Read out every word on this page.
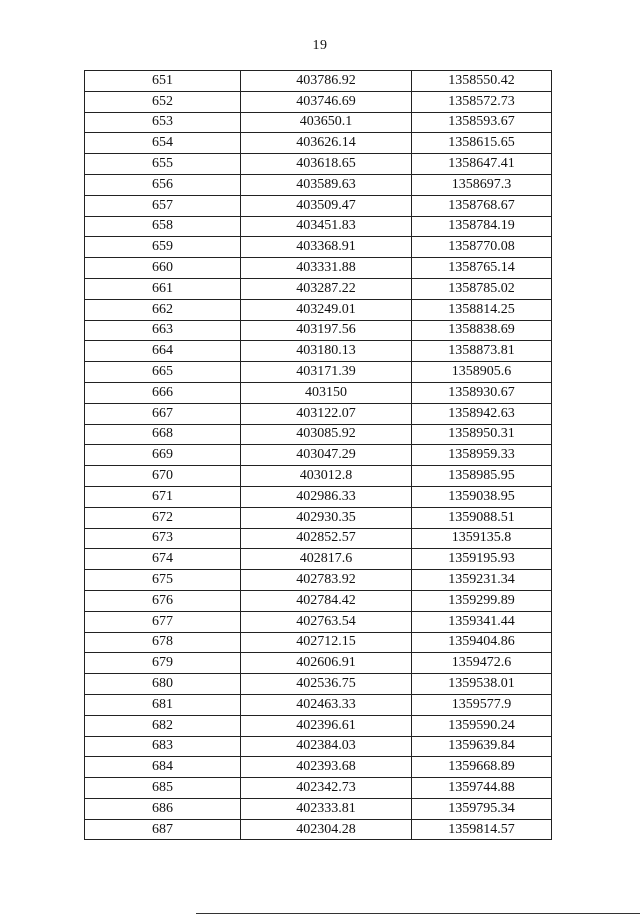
19
651	403786.92	1358550.42
652	403746.69	1358572.73
653	403650.1	1358593.67
654	403626.14	1358615.65
655	403618.65	1358647.41
656	403589.63	1358697.3
657	403509.47	1358768.67
658	403451.83	1358784.19
659	403368.91	1358770.08
660	403331.88	1358765.14
661	403287.22	1358785.02
662	403249.01	1358814.25
663	403197.56	1358838.69
664	403180.13	1358873.81
665	403171.39	1358905.6
666	403150	1358930.67
667	403122.07	1358942.63
668	403085.92	1358950.31
669	403047.29	1358959.33
670	403012.8	1358985.95
671	402986.33	1359038.95
672	402930.35	1359088.51
673	402852.57	1359135.8
674	402817.6	1359195.93
675	402783.92	1359231.34
676	402784.42	1359299.89
677	402763.54	1359341.44
678	402712.15	1359404.86
679	402606.91	1359472.6
680	402536.75	1359538.01
681	402463.33	1359577.9
682	402396.61	1359590.24
683	402384.03	1359639.84
684	402393.68	1359668.89
685	402342.73	1359744.88
686	402333.81	1359795.34
687	402304.28	1359814.57
